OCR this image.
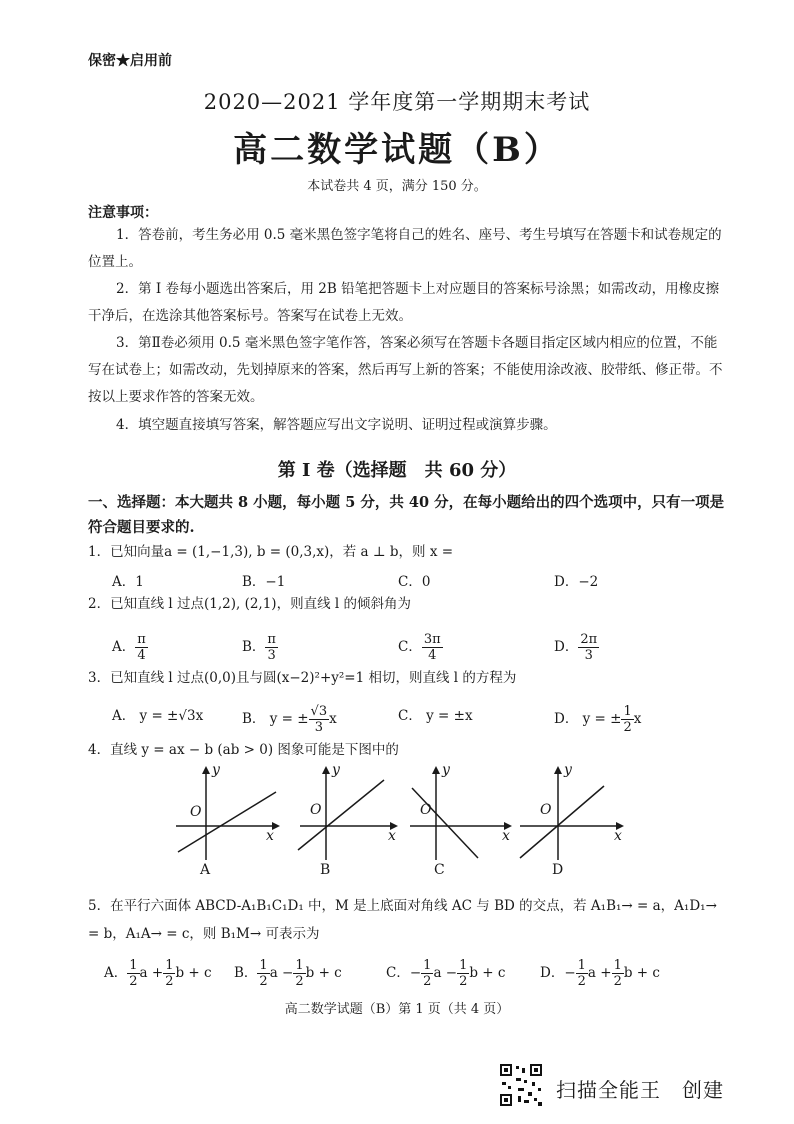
保密★启用前
2020—2021 学年度第一学期期末考试
高二数学试题（B）
本试卷共 4 页，满分 150 分。
注意事项：
1．答卷前，考生务必用 0.5 毫米黑色签字笔将自己的姓名、座号、考生号填写在答题卡和试卷规定的位置上。
2．第 I 卷每小题选出答案后，用 2B 铅笔把答题卡上对应题目的答案标号涂黑；如需改动，用橡皮擦干净后，在选涂其他答案标号。答案写在试卷上无效。
3．第Ⅱ卷必须用 0.5 毫米黑色签字笔作答，答案必须写在答题卡各题目指定区域内相应的位置，不能写在试卷上；如需改动，先划掉原来的答案，然后再写上新的答案；不能使用涂改液、胶带纸、修正带。不按以上要求作答的答案无效。
4．填空题直接填写答案，解答题应写出文字说明、证明过程或演算步骤。
第 I 卷（选择题　共 60 分）
一、选择题：本大题共 8 小题，每小题 5 分，共 40 分，在每小题给出的四个选项中，只有一项是符合题目要求的.
1．已知向量a = (1,−1,3), b = (0,3,x)，若 a ⊥ b，则 x =
A．1	B．−1	C．0	D．−2
2．已知直线 l 过点(1,2), (2,1)，则直线 l 的倾斜角为
A． $\frac{\pi}{4}$	B． $\frac{\pi}{3}$	C． $\frac{3\pi}{4}$	D． $\frac{2\pi}{3}$
3．已知直线 l 过点(0,0)且与圆(x−2)²+y²=1 相切，则直线 l 的方程为
A． y = ±√3x	B． y = ± $\frac{√3}{3}$ x	C． y = ±x	D． y = ± $\frac{1}{2}$ x
4．直线 y = ax − b (ab > 0) 图象可能是下图中的
y
x
O
A
y
x
O
B
y
x
O
C
y
x
O
D
5．在平行六面体 ABCD-A₁B₁C₁D₁ 中，M 是上底面对角线 AC 与 BD 的交点，若 A₁B₁→ = a，A₁D₁→
= b，A₁A→ = c，则 B₁M→ 可表示为
A． $\frac{1}{2}$ $a + \frac{1}{2}$ b + c B． $\frac{1}{2}$ $a - \frac{1}{2}$ b + c	C．− $\frac{1}{2}$ $a - \frac{1}{2}$ b + c	D．− $\frac{1}{2}$ $a + \frac{1}{2}$ b + c
高二数学试题（B）第 1 页（共 4 页）
扫描全能王　创建
